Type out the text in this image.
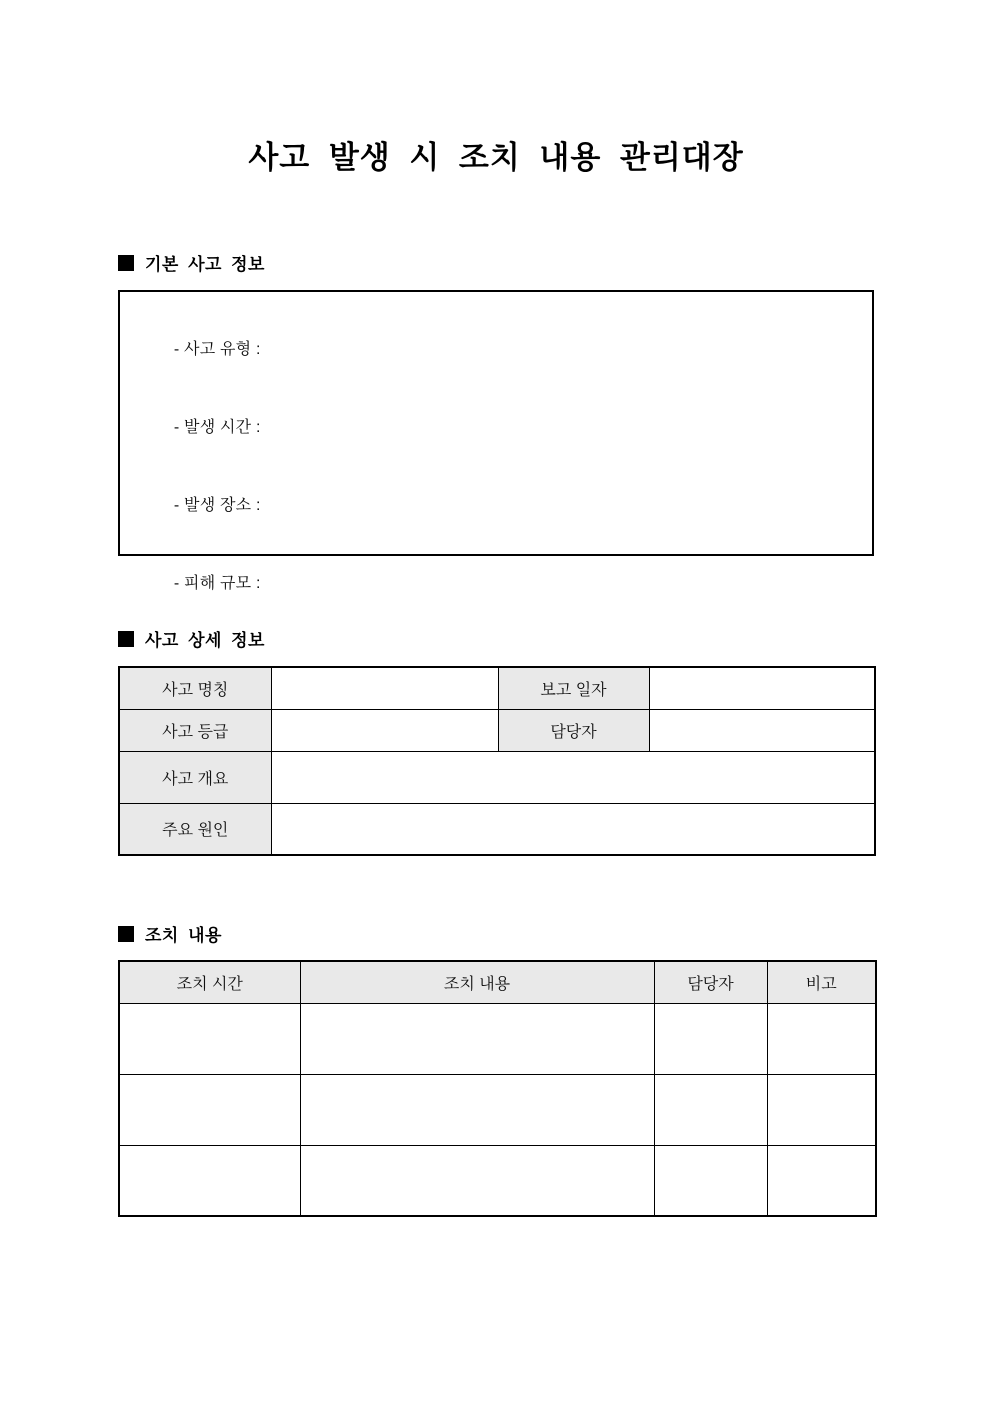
사고 발생 시 조치 내용 관리대장
기본 사고 정보

- 사고 유형 :

- 발생 시간 :

- 발생 장소 :

- 피해 규모 :

사고 상세 정보
사고 명칭		보고 일자	
사고 등급		담당자	
사고 개요			
주요 원인			
조치 내용
조치 시간	조치 내용	담당자	비고
